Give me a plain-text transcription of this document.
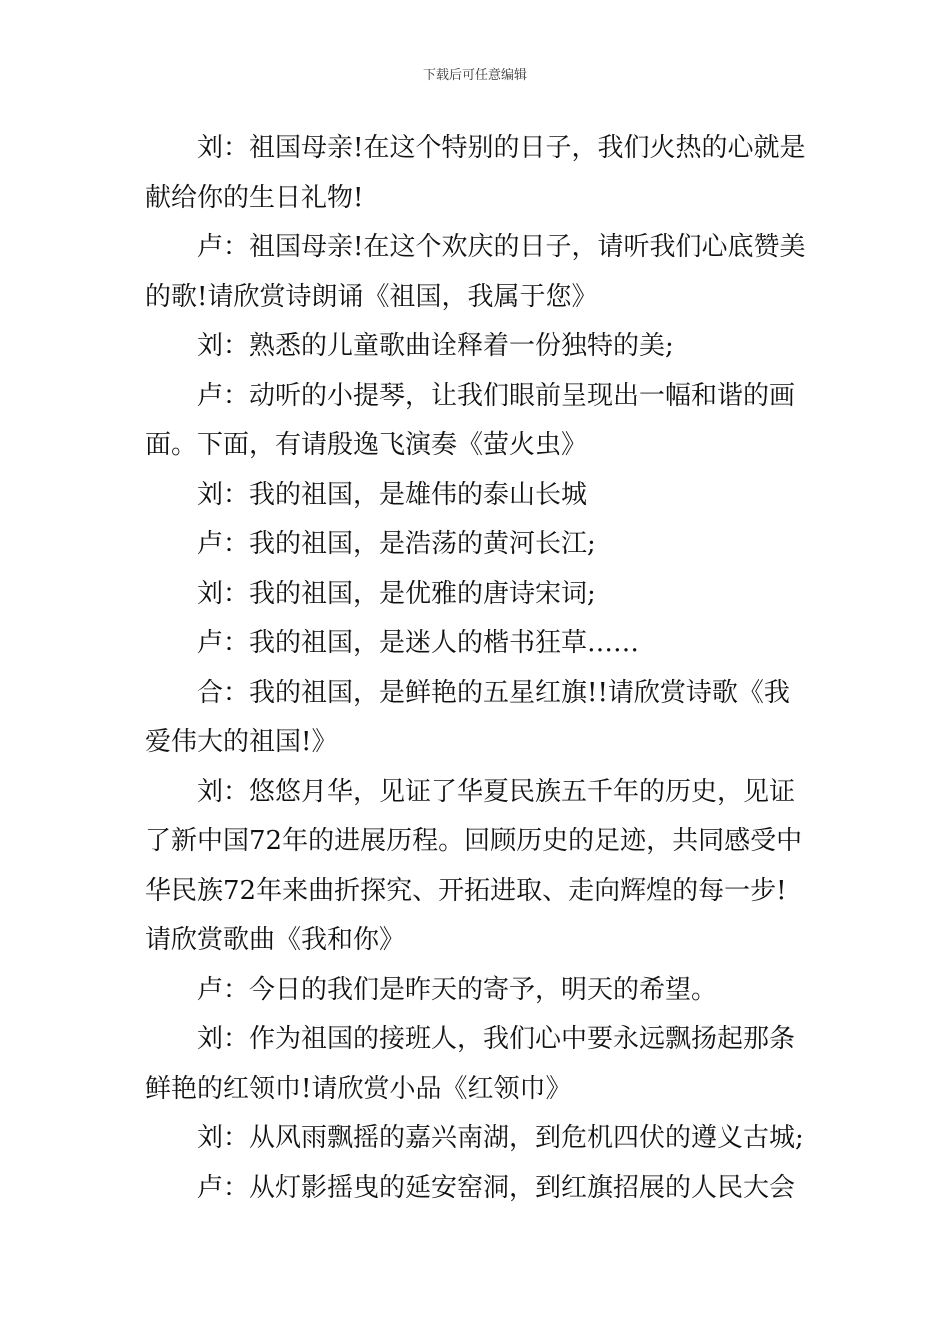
下载后可任意编辑

刘：祖国母亲!在这个特别的日子，我们火热的心就是献给你的生日礼物!

卢：祖国母亲!在这个欢庆的日子，请听我们心底赞美的歌!请欣赏诗朗诵《祖国，我属于您》

刘：熟悉的儿童歌曲诠释着一份独特的美;

卢：动听的小提琴，让我们眼前呈现出一幅和谐的画面。下面，有请殷逸飞演奏《萤火虫》

刘：我的祖国，是雄伟的泰山长城

卢：我的祖国，是浩荡的黄河长江;

刘：我的祖国，是优雅的唐诗宋词;

卢：我的祖国，是迷人的楷书狂草……

合：我的祖国，是鲜艳的五星红旗!!请欣赏诗歌《我爱伟大的祖国!》

刘：悠悠月华，见证了华夏民族五千年的历史，见证了新中国72年的进展历程。回顾历史的足迹，共同感受中华民族72年来曲折探究、开拓进取、走向辉煌的每一步!请欣赏歌曲《我和你》

卢：今日的我们是昨天的寄予，明天的希望。

刘：作为祖国的接班人，我们心中要永远飘扬起那条鲜艳的红领巾!请欣赏小品《红领巾》

刘：从风雨飘摇的嘉兴南湖，到危机四伏的遵义古城;

卢：从灯影摇曳的延安窑洞，到红旗招展的人民大会
